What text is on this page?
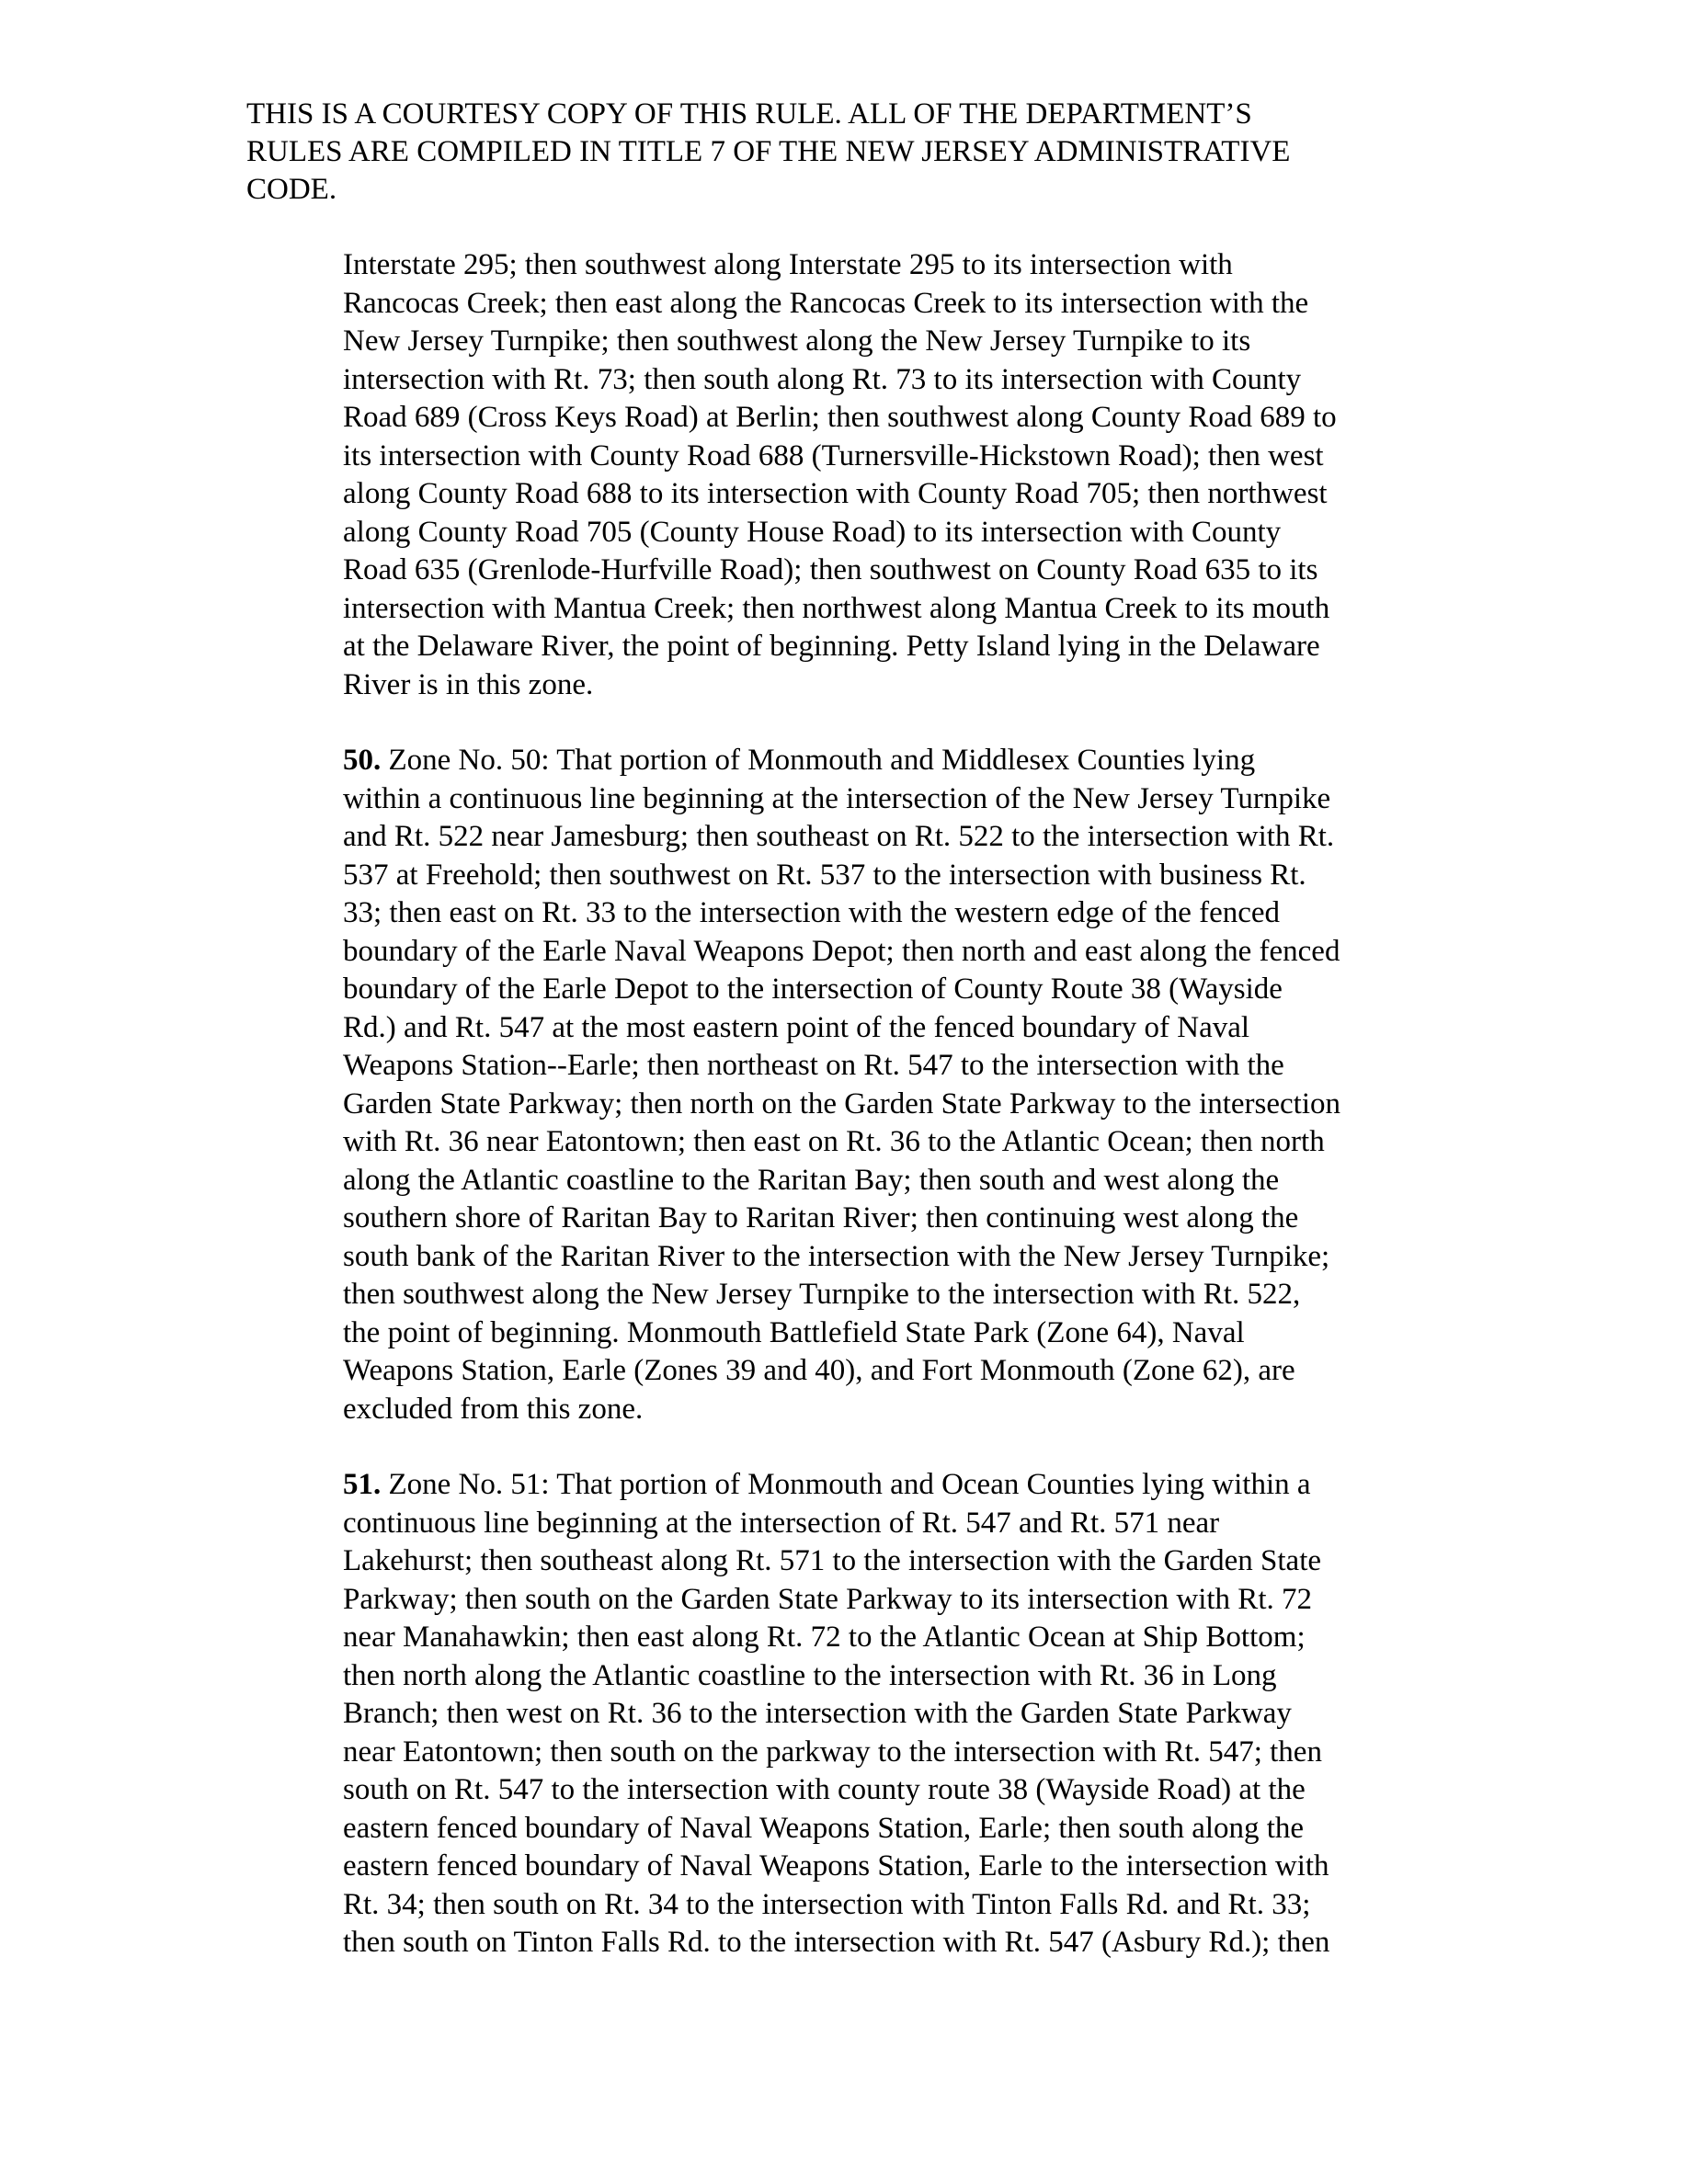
THIS IS A COURTESY COPY OF THIS RULE. ALL OF THE DEPARTMENT’S
RULES ARE COMPILED IN TITLE 7 OF THE NEW JERSEY ADMINISTRATIVE
CODE.

Interstate 295; then southwest along Interstate 295 to its intersection with
Rancocas Creek; then east along the Rancocas Creek to its intersection with the
New Jersey Turnpike; then southwest along the New Jersey Turnpike to its
intersection with Rt. 73; then south along Rt. 73 to its intersection with County
Road 689 (Cross Keys Road) at Berlin; then southwest along County Road 689 to
its intersection with County Road 688 (Turnersville-Hickstown Road); then west
along County Road 688 to its intersection with County Road 705; then northwest
along County Road 705 (County House Road) to its intersection with County
Road 635 (Grenlode-Hurfville Road); then southwest on County Road 635 to its
intersection with Mantua Creek; then northwest along Mantua Creek to its mouth
at the Delaware River, the point of beginning. Petty Island lying in the Delaware
River is in this zone.

50. Zone No. 50: That portion of Monmouth and Middlesex Counties lying
within a continuous line beginning at the intersection of the New Jersey Turnpike
and Rt. 522 near Jamesburg; then southeast on Rt. 522 to the intersection with Rt.
537 at Freehold; then southwest on Rt. 537 to the intersection with business Rt.
33; then east on Rt. 33 to the intersection with the western edge of the fenced
boundary of the Earle Naval Weapons Depot; then north and east along the fenced
boundary of the Earle Depot to the intersection of County Route 38 (Wayside
Rd.) and Rt. 547 at the most eastern point of the fenced boundary of Naval
Weapons Station--Earle; then northeast on Rt. 547 to the intersection with the
Garden State Parkway; then north on the Garden State Parkway to the intersection
with Rt. 36 near Eatontown; then east on Rt. 36 to the Atlantic Ocean; then north
along the Atlantic coastline to the Raritan Bay; then south and west along the
southern shore of Raritan Bay to Raritan River; then continuing west along the
south bank of the Raritan River to the intersection with the New Jersey Turnpike;
then southwest along the New Jersey Turnpike to the intersection with Rt. 522,
the point of beginning. Monmouth Battlefield State Park (Zone 64), Naval
Weapons Station, Earle (Zones 39 and 40), and Fort Monmouth (Zone 62), are
excluded from this zone.

51. Zone No. 51: That portion of Monmouth and Ocean Counties lying within a
continuous line beginning at the intersection of Rt. 547 and Rt. 571 near
Lakehurst; then southeast along Rt. 571 to the intersection with the Garden State
Parkway; then south on the Garden State Parkway to its intersection with Rt. 72
near Manahawkin; then east along Rt. 72 to the Atlantic Ocean at Ship Bottom;
then north along the Atlantic coastline to the intersection with Rt. 36 in Long
Branch; then west on Rt. 36 to the intersection with the Garden State Parkway
near Eatontown; then south on the parkway to the intersection with Rt. 547; then
south on Rt. 547 to the intersection with county route 38 (Wayside Road) at the
eastern fenced boundary of Naval Weapons Station, Earle; then south along the
eastern fenced boundary of Naval Weapons Station, Earle to the intersection with
Rt. 34; then south on Rt. 34 to the intersection with Tinton Falls Rd. and Rt. 33;
then south on Tinton Falls Rd. to the intersection with Rt. 547 (Asbury Rd.); then
